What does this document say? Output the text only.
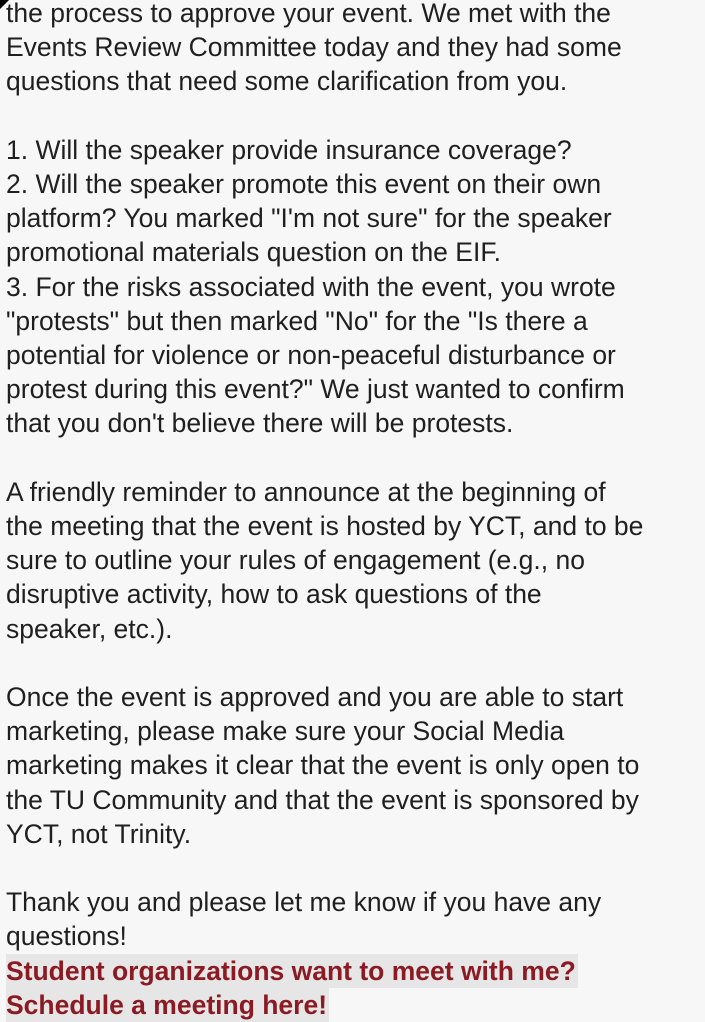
the process to approve your event. We met with the

Events Review Committee today and they had some

questions that need some clarification from you.

1. Will the speaker provide insurance coverage?

2. Will the speaker promote this event on their own

platform? You marked "I'm not sure" for the speaker

promotional materials question on the EIF.

3. For the risks associated with the event, you wrote

"protests" but then marked "No" for the "Is there a

potential for violence or non-peaceful disturbance or

protest during this event?" We just wanted to confirm

that you don't believe there will be protests.

A friendly reminder to announce at the beginning of

the meeting that the event is hosted by YCT, and to be

sure to outline your rules of engagement (e.g., no

disruptive activity, how to ask questions of the

speaker, etc.).

Once the event is approved and you are able to start

marketing, please make sure your Social Media

marketing makes it clear that the event is only open to

the TU Community and that the event is sponsored by

YCT, not Trinity.

Thank you and please let me know if you have any

questions!

Student organizations want to meet with me?

Schedule a meeting here!
